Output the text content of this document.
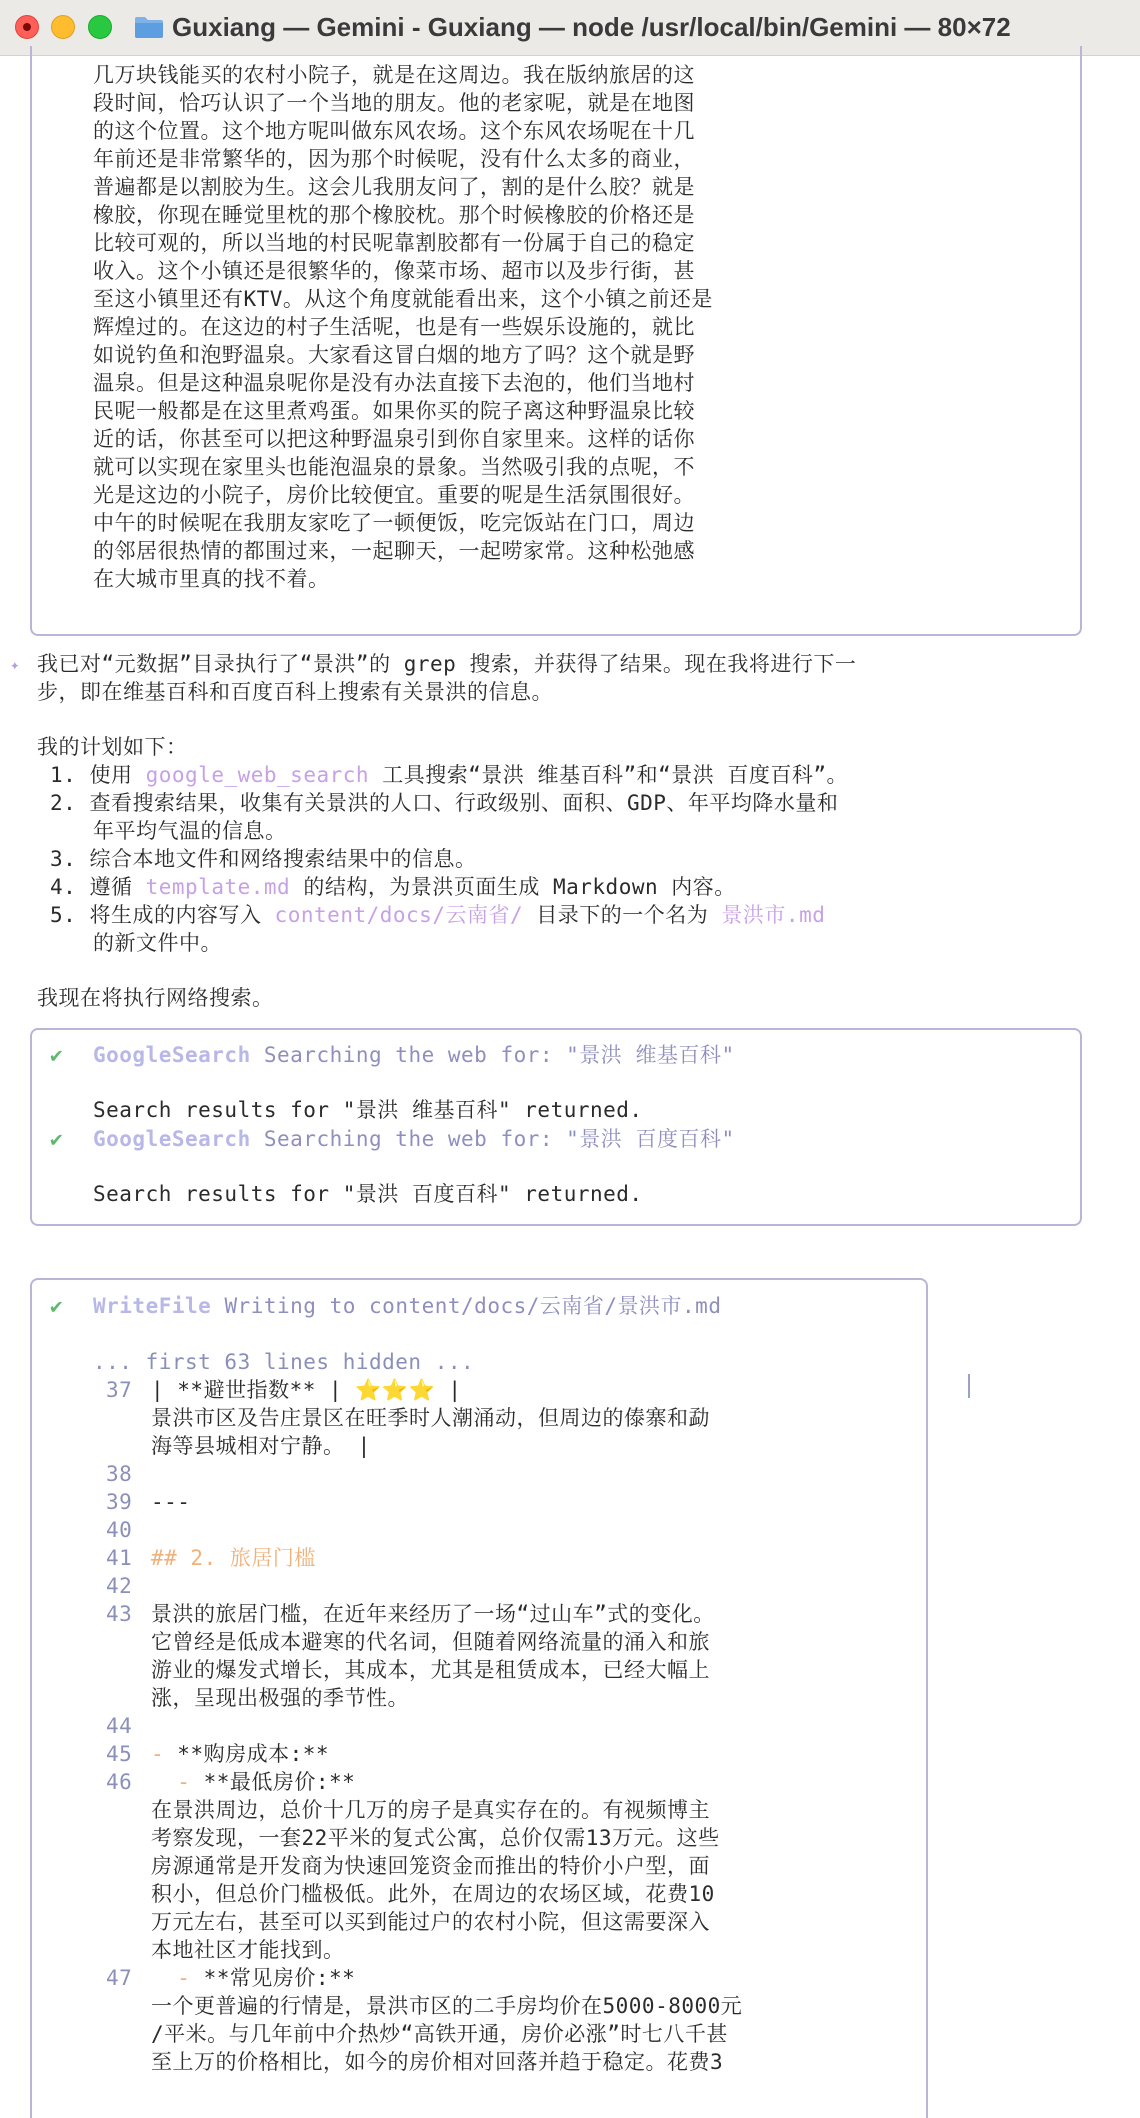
Guxiang — Gemini - Guxiang — node /usr/local/bin/Gemini — 80×72
几万块钱能买的农村小院子，就是在这周边。我在版纳旅居的这
段时间，恰巧认识了一个当地的朋友。他的老家呢，就是在地图
的这个位置。这个地方呢叫做东风农场。这个东风农场呢在十几
年前还是非常繁华的，因为那个时候呢，没有什么太多的商业，
普遍都是以割胶为生。这会儿我朋友问了，割的是什么胶？就是
橡胶，你现在睡觉里枕的那个橡胶枕。那个时候橡胶的价格还是
比较可观的，所以当地的村民呢靠割胶都有一份属于自己的稳定
收入。这个小镇还是很繁华的，像菜市场、超市以及步行街，甚
至这小镇里还有KTV。从这个角度就能看出来，这个小镇之前还是
辉煌过的。在这边的村子生活呢，也是有一些娱乐设施的，就比
如说钓鱼和泡野温泉。大家看这冒白烟的地方了吗？这个就是野
温泉。但是这种温泉呢你是没有办法直接下去泡的，他们当地村
民呢一般都是在这里煮鸡蛋。如果你买的院子离这种野温泉比较
近的话，你甚至可以把这种野温泉引到你自家里来。这样的话你
就可以实现在家里头也能泡温泉的景象。当然吸引我的点呢，不
光是这边的小院子，房价比较便宜。重要的呢是生活氛围很好。
中午的时候呢在我朋友家吃了一顿便饭，吃完饭站在门口，周边
的邻居很热情的都围过来，一起聊天，一起唠家常。这种松弛感
在大城市里真的找不着。
✦ 我已对“元数据”目录执行了“景洪”的 grep 搜索，并获得了结果。现在我将进行下一
步，即在维基百科和百度百科上搜索有关景洪的信息。
我的计划如下：
1. 使用 google_web_search 工具搜索“景洪 维基百科”和“景洪 百度百科”。
2. 查看搜索结果，收集有关景洪的人口、行政级别、面积、GDP、年平均降水量和
年平均气温的信息。
3. 综合本地文件和网络搜索结果中的信息。
4. 遵循 template.md 的结构，为景洪页面生成 Markdown 内容。
5. 将生成的内容写入 content/docs/云南省/ 目录下的一个名为 景洪市.md
的新文件中。
我现在将执行网络搜索。
✔ GoogleSearch Searching the web for: "景洪 维基百科"
Search results for "景洪 维基百科" returned.
✔ GoogleSearch Searching the web for: "景洪 百度百科"
Search results for "景洪 百度百科" returned.
✔ WriteFile Writing to content/docs/云南省/景洪市.md
... first 63 lines hidden ...
37 | **避世指数** | ⭐⭐⭐ |
景洪市区及告庄景区在旺季时人潮涌动，但周边的傣寨和勐
海等县城相对宁静。 |
38
39 ---
40
41 ## 2. 旅居门槛
42
43 景洪的旅居门槛，在近年来经历了一场“过山车”式的变化。
它曾经是低成本避寒的代名词，但随着网络流量的涌入和旅
游业的爆发式增长，其成本，尤其是租赁成本，已经大幅上
涨，呈现出极强的季节性。
44
45 - **购房成本:**
46 - **最低房价:**
在景洪周边，总价十几万的房子是真实存在的。有视频博主
考察发现，一套22平米的复式公寓，总价仅需13万元。这些
房源通常是开发商为快速回笼资金而推出的特价小户型，面
积小，但总价门槛极低。此外，在周边的农场区域，花费10
万元左右，甚至可以买到能过户的农村小院，但这需要深入
本地社区才能找到。
47 - **常见房价:**
一个更普遍的行情是，景洪市区的二手房均价在5000-8000元
/平米。与几年前中介热炒“高铁开通，房价必涨”时七八千甚
至上万的价格相比，如今的房价相对回落并趋于稳定。花费3
